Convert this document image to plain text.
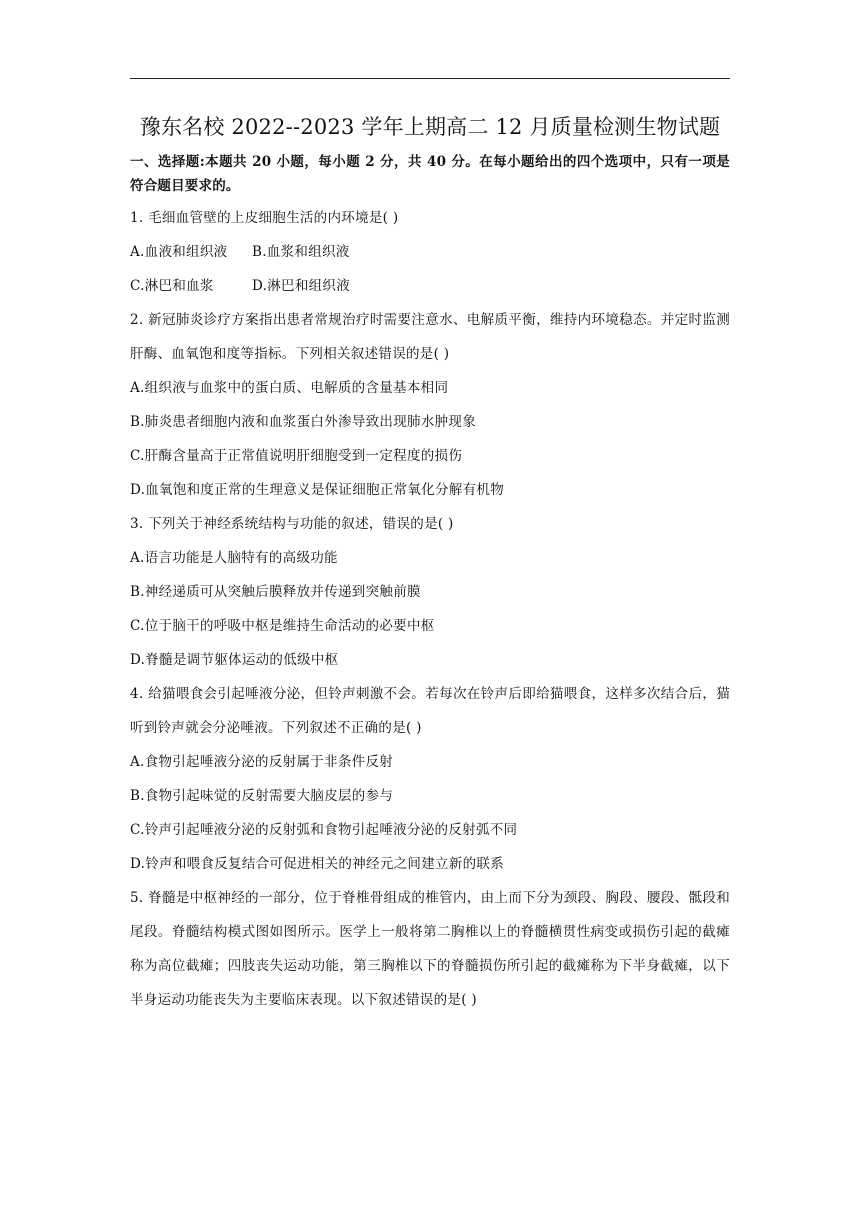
豫东名校 2022--2023 学年上期高二 12 月质量检测生物试题

一、选择题:本题共 20 小题，每小题 2 分，共 40 分。在每小题给出的四个选项中，只有一项是符合题目要求的。

1. 毛细血管壁的上皮细胞生活的内环境是( )

A.血液和组织液	B.血浆和组织液
C.淋巴和血浆	D.淋巴和组织液

2. 新冠肺炎诊疗方案指出患者常规治疗时需要注意水、电解质平衡，维持内环境稳态。并定时监测肝酶、血氧饱和度等指标。下列相关叙述错误的是( )

A.组织液与血浆中的蛋白质、电解质的含量基本相同

B.肺炎患者细胞内液和血浆蛋白外渗导致出现肺水肿现象

C.肝酶含量高于正常值说明肝细胞受到一定程度的损伤

D.血氧饱和度正常的生理意义是保证细胞正常氧化分解有机物

3. 下列关于神经系统结构与功能的叙述，错误的是( )

A.语言功能是人脑特有的高级功能

B.神经递质可从突触后膜释放并传递到突触前膜

C.位于脑干的呼吸中枢是维持生命活动的必要中枢

D.脊髓是调节躯体运动的低级中枢

4. 给猫喂食会引起唾液分泌，但铃声刺激不会。若每次在铃声后即给猫喂食，这样多次结合后，猫听到铃声就会分泌唾液。下列叙述不正确的是( )

A.食物引起唾液分泌的反射属于非条件反射

B.食物引起味觉的反射需要大脑皮层的参与

C.铃声引起唾液分泌的反射弧和食物引起唾液分泌的反射弧不同

D.铃声和喂食反复结合可促进相关的神经元之间建立新的联系

5. 脊髓是中枢神经的一部分，位于脊椎骨组成的椎管内，由上而下分为颈段、胸段、腰段、骶段和尾段。脊髓结构模式图如图所示。医学上一般将第二胸椎以上的脊髓横贯性病变或损伤引起的截瘫称为高位截瘫；四肢丧失运动功能，第三胸椎以下的脊髓损伤所引起的截瘫称为下半身截瘫，以下半身运动功能丧失为主要临床表现。以下叙述错误的是( )
